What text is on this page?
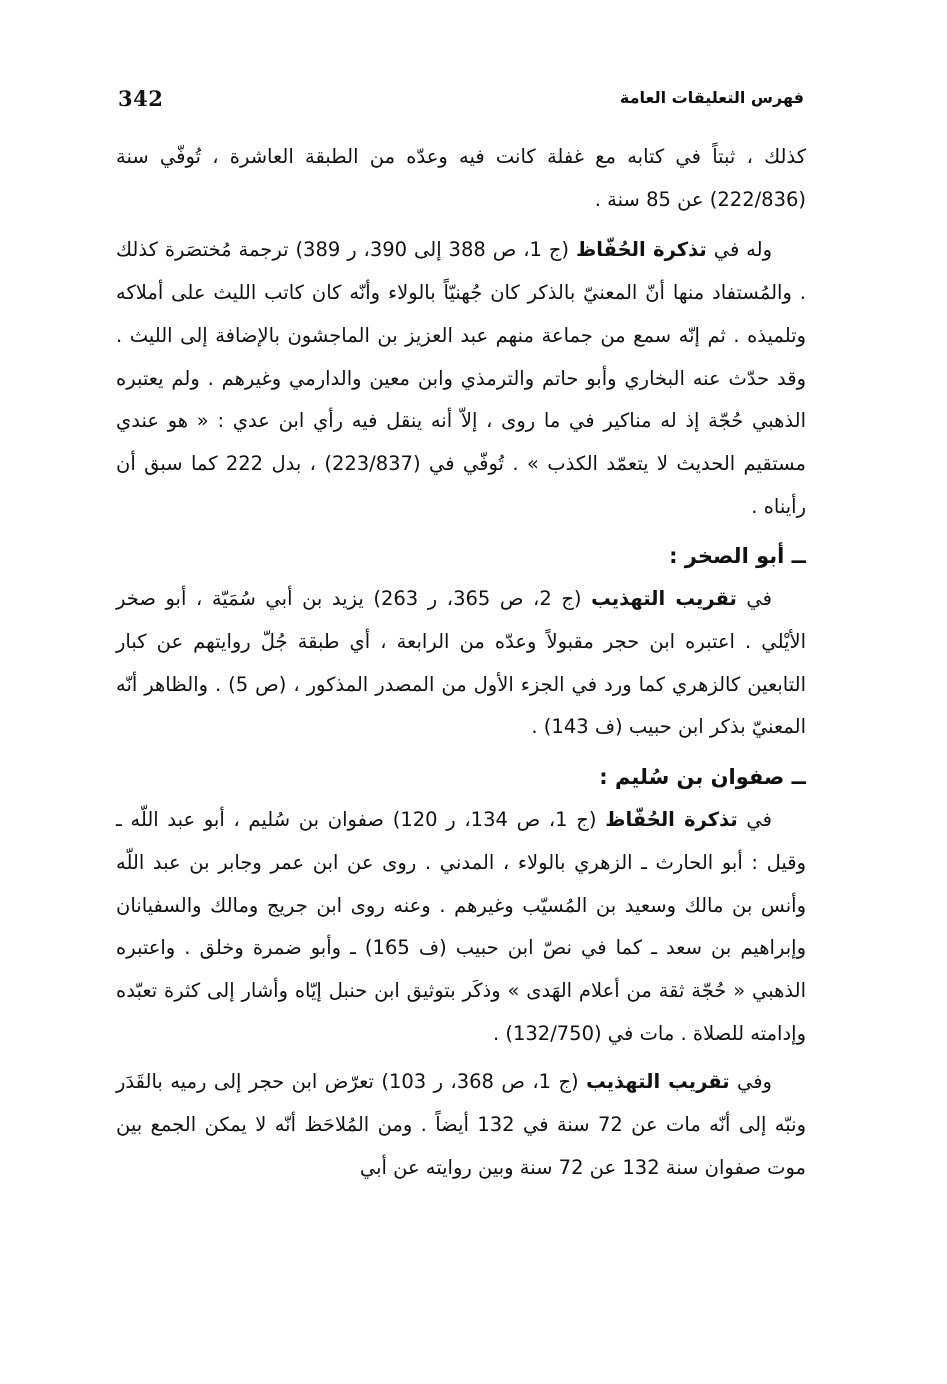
342	فهرس التعليقات العامة

كذلك ، ثبتاً في كتابه مع غفلة كانت فيه وعدّه من الطبقة العاشرة ، تُوفّي سنة (222/836) عن 85 سنة .

وله في تذكرة الحُفّاظ (ج 1، ص 388 إلى 390، ر 389) ترجمة مُختصَرة كذلك . والمُستفاد منها أنّ المعنيّ بالذكر كان جُهنيّاً بالولاء وأنّه كان كاتب الليث على أملاكه وتلميذه . ثم إنّه سمع من جماعة منهم عبد العزيز بن الماجشون بالإضافة إلى الليث . وقد حدّث عنه البخاري وأبو حاتم والترمذي وابن معين والدارمي وغيرهم . ولم يعتبره الذهبي حُجّة إذ له مناكير في ما روى ، إلاّ أنه ينقل فيه رأي ابن عدي : « هو عندي مستقيم الحديث لا يتعمّد الكذب » . تُوفّي في (223/837) ، بدل 222 كما سبق أن رأيناه .

ــ أبو الصخر :

في تقريب التهذيب (ج 2، ص 365، ر 263) يزيد بن أبي سُمَيّة ، أبو صخر الأيْلي . اعتبره ابن حجر مقبولاً وعدّه من الرابعة ، أي طبقة جُلّ روايتهم عن كبار التابعين كالزهري كما ورد في الجزء الأول من المصدر المذكور ، (ص 5) . والظاهر أنّه المعنيّ بذكر ابن حبيب (ف 143) .

ــ صفوان بن سُليم :

في تذكرة الحُفّاظ (ج 1، ص 134، ر 120) صفوان بن سُليم ، أبو عبد اللّه ـ وقيل : أبو الحارث ـ الزهري بالولاء ، المدني . روى عن ابن عمر وجابر بن عبد اللّه وأنس بن مالك وسعيد بن المُسيّب وغيرهم . وعنه روى ابن جريج ومالك والسفيانان وإبراهيم بن سعد ـ كما في نصّ ابن حبيب (ف 165) ـ وأبو ضمرة وخلق . واعتبره الذهبي « حُجّة ثقة من أعلام الهَدى » وذكَر بتوثيق ابن حنبل إيّاه وأشار إلى كثرة تعبّده وإدامته للصلاة . مات في (132/750) .

وفي تقريب التهذيب (ج 1، ص 368، ر 103) تعرّض ابن حجر إلى رميه بالقَدَر ونبّه إلى أنّه مات عن 72 سنة في 132 أيضاً . ومن المُلاحَظ أنّه لا يمكن الجمع بين موت صفوان سنة 132 عن 72 سنة وبين روايته عن أبي
